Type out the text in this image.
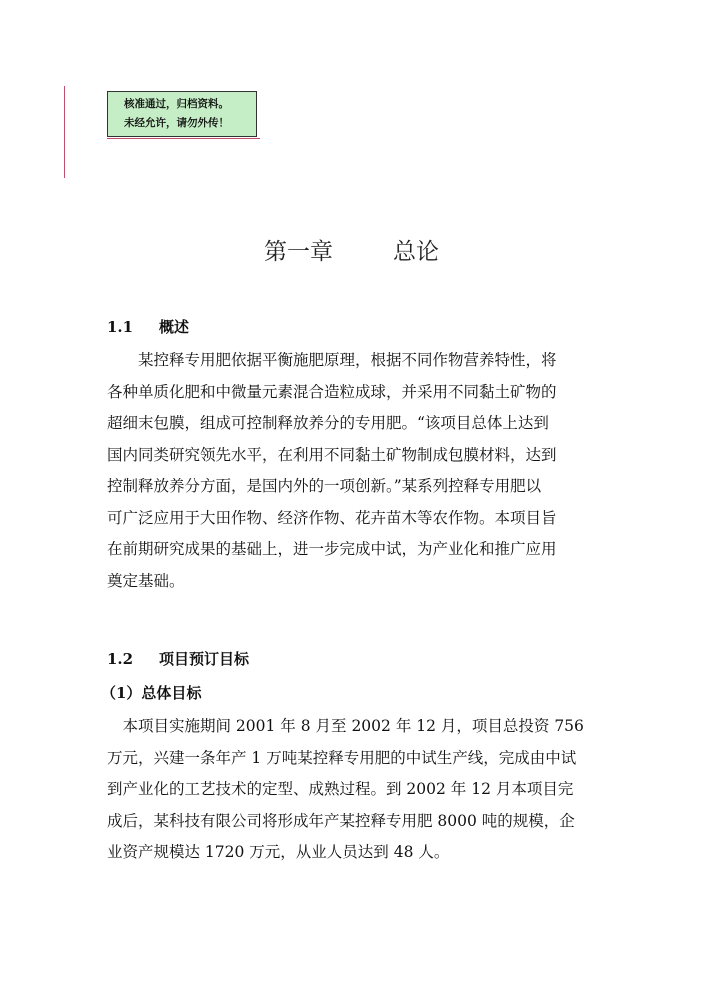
核准通过，归档资料。
未经允许，请勿外传！
第一章	总论
1.1 概述
　　某控释专用肥依据平衡施肥原理，根据不同作物营养特性，将
各种单质化肥和中微量元素混合造粒成球，并采用不同黏土矿物的
超细末包膜，组成可控制释放养分的专用肥。“该项目总体上达到
国内同类研究领先水平，在利用不同黏土矿物制成包膜材料，达到
控制释放养分方面，是国内外的一项创新。”某系列控释专用肥以
可广泛应用于大田作物、经济作物、花卉苗木等农作物。本项目旨
在前期研究成果的基础上，进一步完成中试，为产业化和推广应用
奠定基础。
1.2 项目预订目标
（1）总体目标
　本项目实施期间 2001 年 8 月至 2002 年 12 月，项目总投资 756
万元，兴建一条年产 1 万吨某控释专用肥的中试生产线，完成由中试
到产业化的工艺技术的定型、成熟过程。到 2002 年 12 月本项目完
成后，某科技有限公司将形成年产某控释专用肥 8000 吨的规模，企
业资产规模达 1720 万元，从业人员达到 48 人。
